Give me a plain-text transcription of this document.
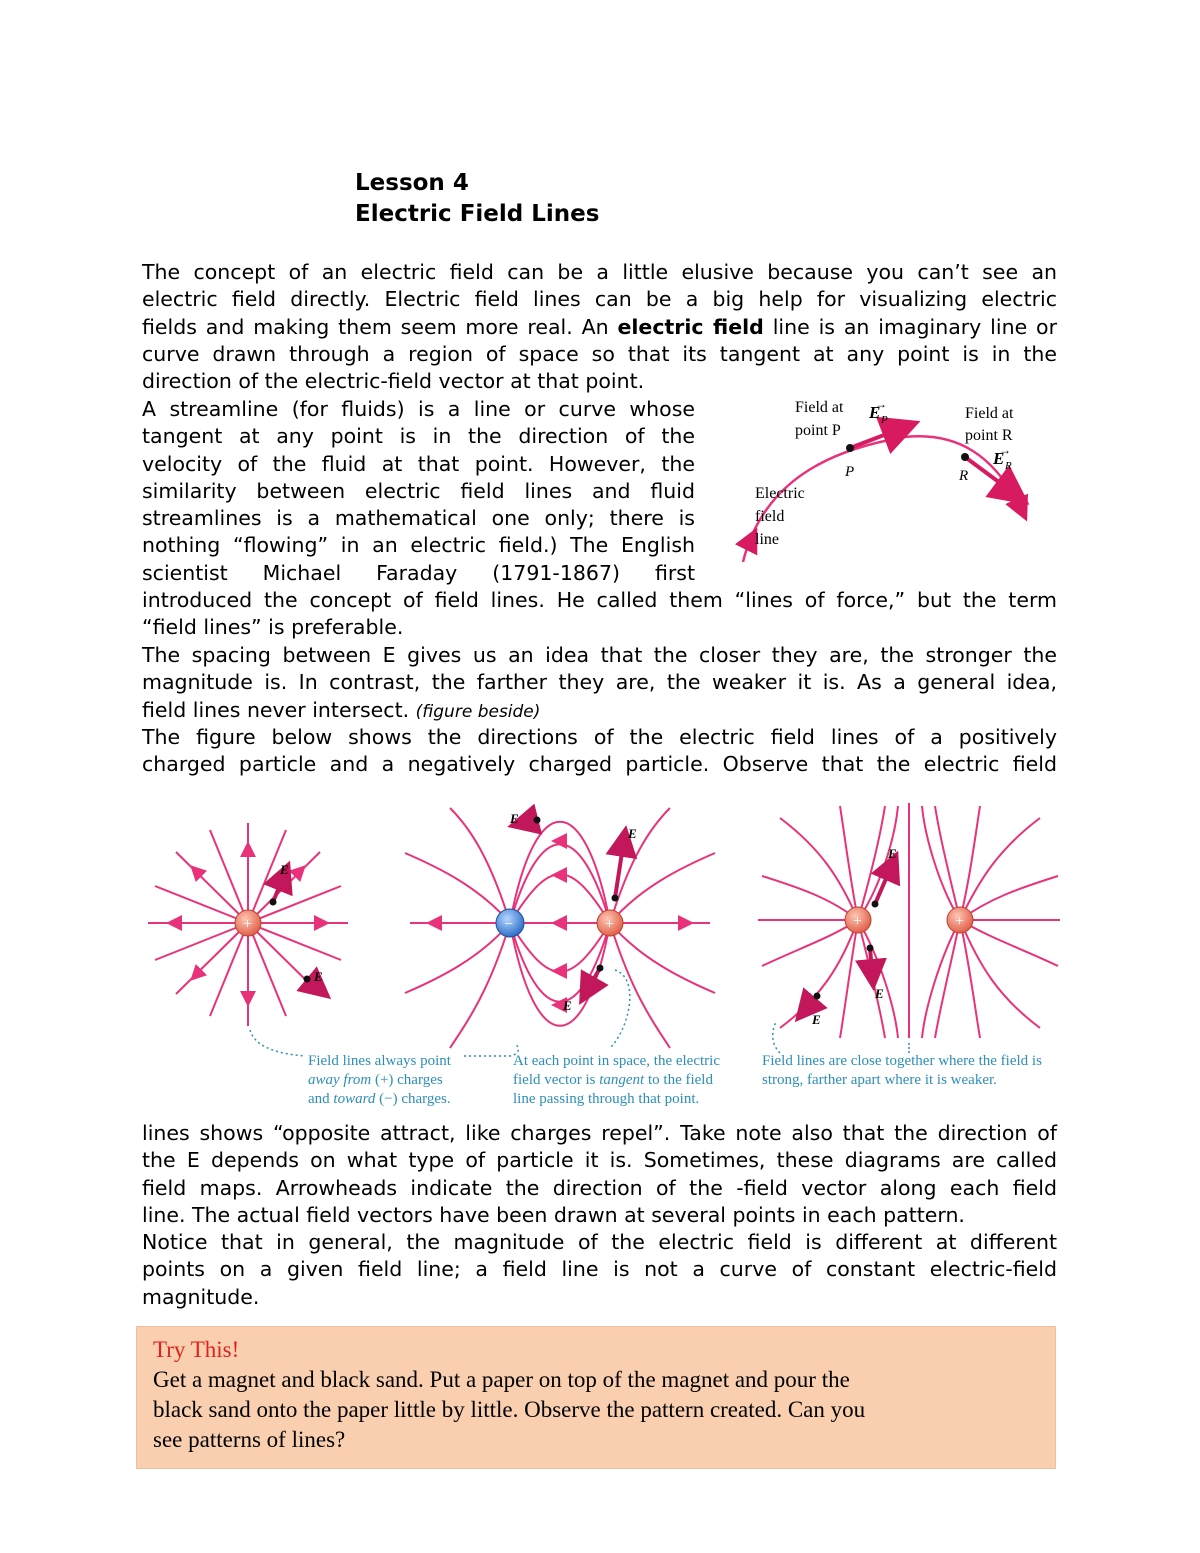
Lesson 4
Electric Field Lines
The concept of an electric field can be a little elusive because you can’t see an
electric field directly. Electric field lines can be a big help for visualizing electric
fields and making them seem more real. An electric field line is an imaginary line or
curve drawn through a region of space so that its tangent at any point is in the
direction of the electric-field vector at that point.
A streamline (for fluids) is a line or curve whose
tangent at any point is in the direction of the
velocity of the fluid at that point. However, the
similarity between electric field lines and fluid
streamlines is a mathematical one only; there is
nothing “flowing” in an electric field.) The English
scientist Michael Faraday (1791-1867) first
introduced the concept of field lines. He called them “lines of force,” but the term
“field lines” is preferable.
Field at
point P
P
E P
→
Field at
point R
R
E R
→
Electric
field
line
The spacing between E gives us an idea that the closer they are, the stronger the
magnitude is. In contrast, the farther they are, the weaker it is. As a general idea,
field lines never intersect. (figure beside)
The figure below shows the directions of the electric field lines of a positively
charged particle and a negatively charged particle. Observe that the electric field
E
E
+
E
E
E
−	+
E
E
E
+	+
Field lines always point
away from (+) charges
and toward (−) charges.
At each point in space, the electric
field vector is tangent to the field
line passing through that point.
Field lines are close together where the field is
strong, farther apart where it is weaker.
lines shows “opposite attract, like charges repel”. Take note also that the direction of
the E depends on what type of particle it is. Sometimes, these diagrams are called
field maps. Arrowheads indicate the direction of the -field vector along each field
line. The actual field vectors have been drawn at several points in each pattern.
Notice that in general, the magnitude of the electric field is different at different
points on a given field line; a field line is not a curve of constant electric-field
magnitude.
Try This!
Get a magnet and black sand. Put a paper on top of the magnet and pour the
black sand onto the paper little by little. Observe the pattern created. Can you
see patterns of lines?
